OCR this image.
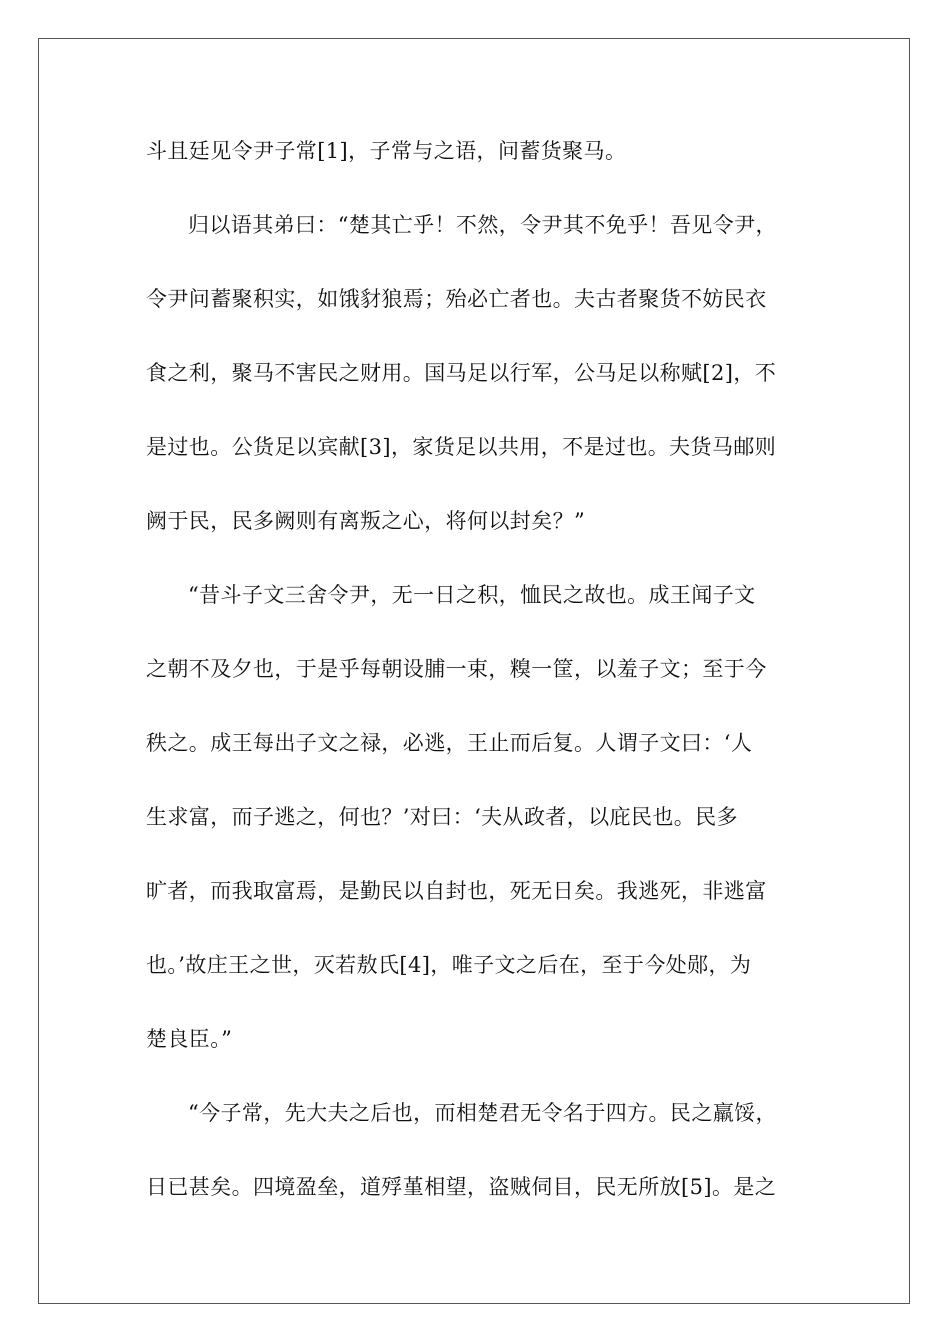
斗且廷见令尹子常[1]，子常与之语，问蓄货聚马。
归以语其弟曰：“楚其亡乎！不然，令尹其不免乎！吾见令尹，
令尹问蓄聚积实，如饿豺狼焉；殆必亡者也。夫古者聚货不妨民衣
食之利，聚马不害民之财用。国马足以行军，公马足以称赋[2]，不
是过也。公货足以宾献[3]，家货足以共用，不是过也。夫货马邮则
阙于民，民多阙则有离叛之心，将何以封矣？”
“昔斗子文三舍令尹，无一日之积，恤民之故也。成王闻子文
之朝不及夕也，于是乎每朝设脯一束，糗一筐，以羞子文；至于今
秩之。成王每出子文之禄，必逃，王止而后复。人谓子文曰：‘人
生求富，而子逃之，何也？’对曰：‘夫从政者，以庇民也。民多
旷者，而我取富焉，是勤民以自封也，死无日矣。我逃死，非逃富
也。’故庄王之世，灭若敖氏[4]，唯子文之后在，至于今处郧，为
楚良臣。”
“今子常，先大夫之后也，而相楚君无令名于四方。民之羸馁，
日已甚矣。四境盈垒，道殍堇相望，盗贼伺目，民无所放[5]。是之
